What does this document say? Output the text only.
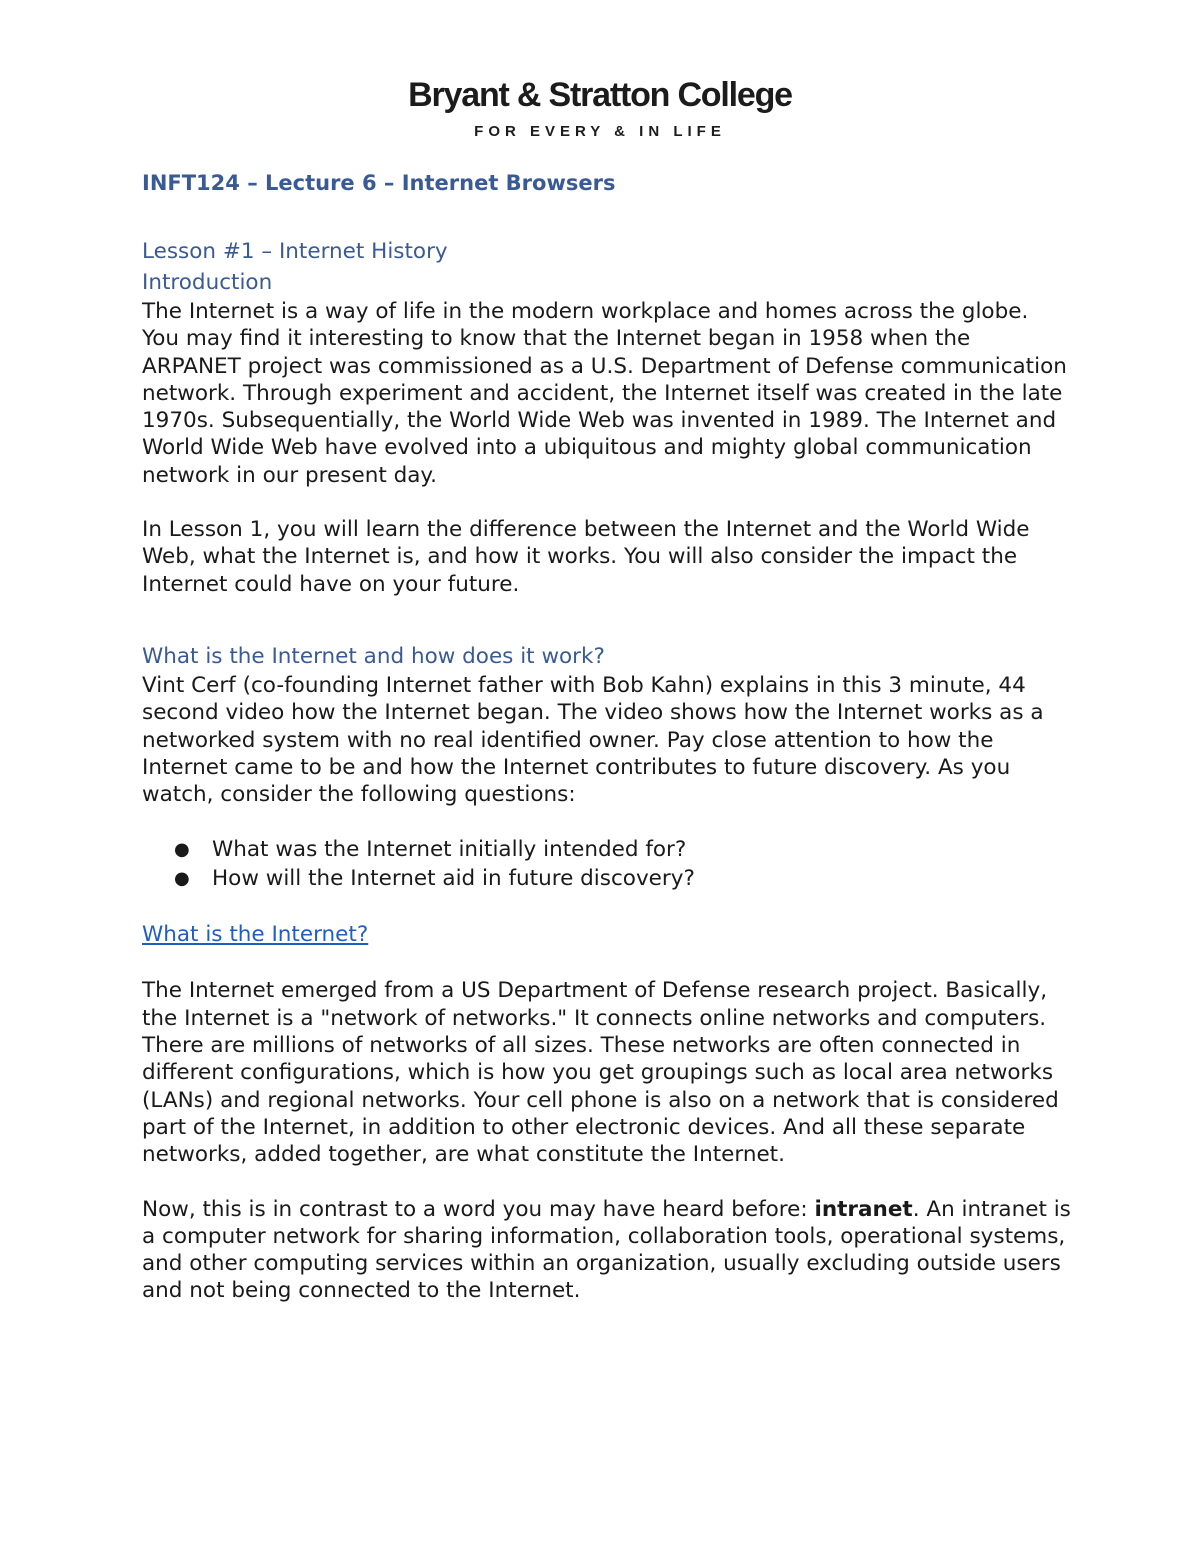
Bryant & Stratton College
FOR EVERY & IN LIFE
INFT124 – Lecture 6 – Internet Browsers
Lesson #1 – Internet History
Introduction

The Internet is a way of life in the modern workplace and homes across the globe. You may find it interesting to know that the Internet began in 1958 when the ARPANET project was commissioned as a U.S. Department of Defense communication network. Through experiment and accident, the Internet itself was created in the late 1970s. Subsequentially, the World Wide Web was invented in 1989. The Internet and World Wide Web have evolved into a ubiquitous and mighty global communication network in our present day.

In Lesson 1, you will learn the difference between the Internet and the World Wide Web, what the Internet is, and how it works. You will also consider the impact the Internet could have on your future.

What is the Internet and how does it work?

Vint Cerf (co-founding Internet father with Bob Kahn) explains in this 3 minute, 44 second video how the Internet began. The video shows how the Internet works as a networked system with no real identified owner. Pay close attention to how the Internet came to be and how the Internet contributes to future discovery. As you watch, consider the following questions:

● What was the Internet initially intended for?
● How will the Internet aid in future discovery?
What is the Internet?

The Internet emerged from a US Department of Defense research project. Basically, the Internet is a "network of networks." It connects online networks and computers. There are millions of networks of all sizes. These networks are often connected in different configurations, which is how you get groupings such as local area networks (LANs) and regional networks. Your cell phone is also on a network that is considered part of the Internet, in addition to other electronic devices. And all these separate networks, added together, are what constitute the Internet.

Now, this is in contrast to a word you may have heard before: intranet. An intranet is a computer network for sharing information, collaboration tools, operational systems, and other computing services within an organization, usually excluding outside users and not being connected to the Internet.
